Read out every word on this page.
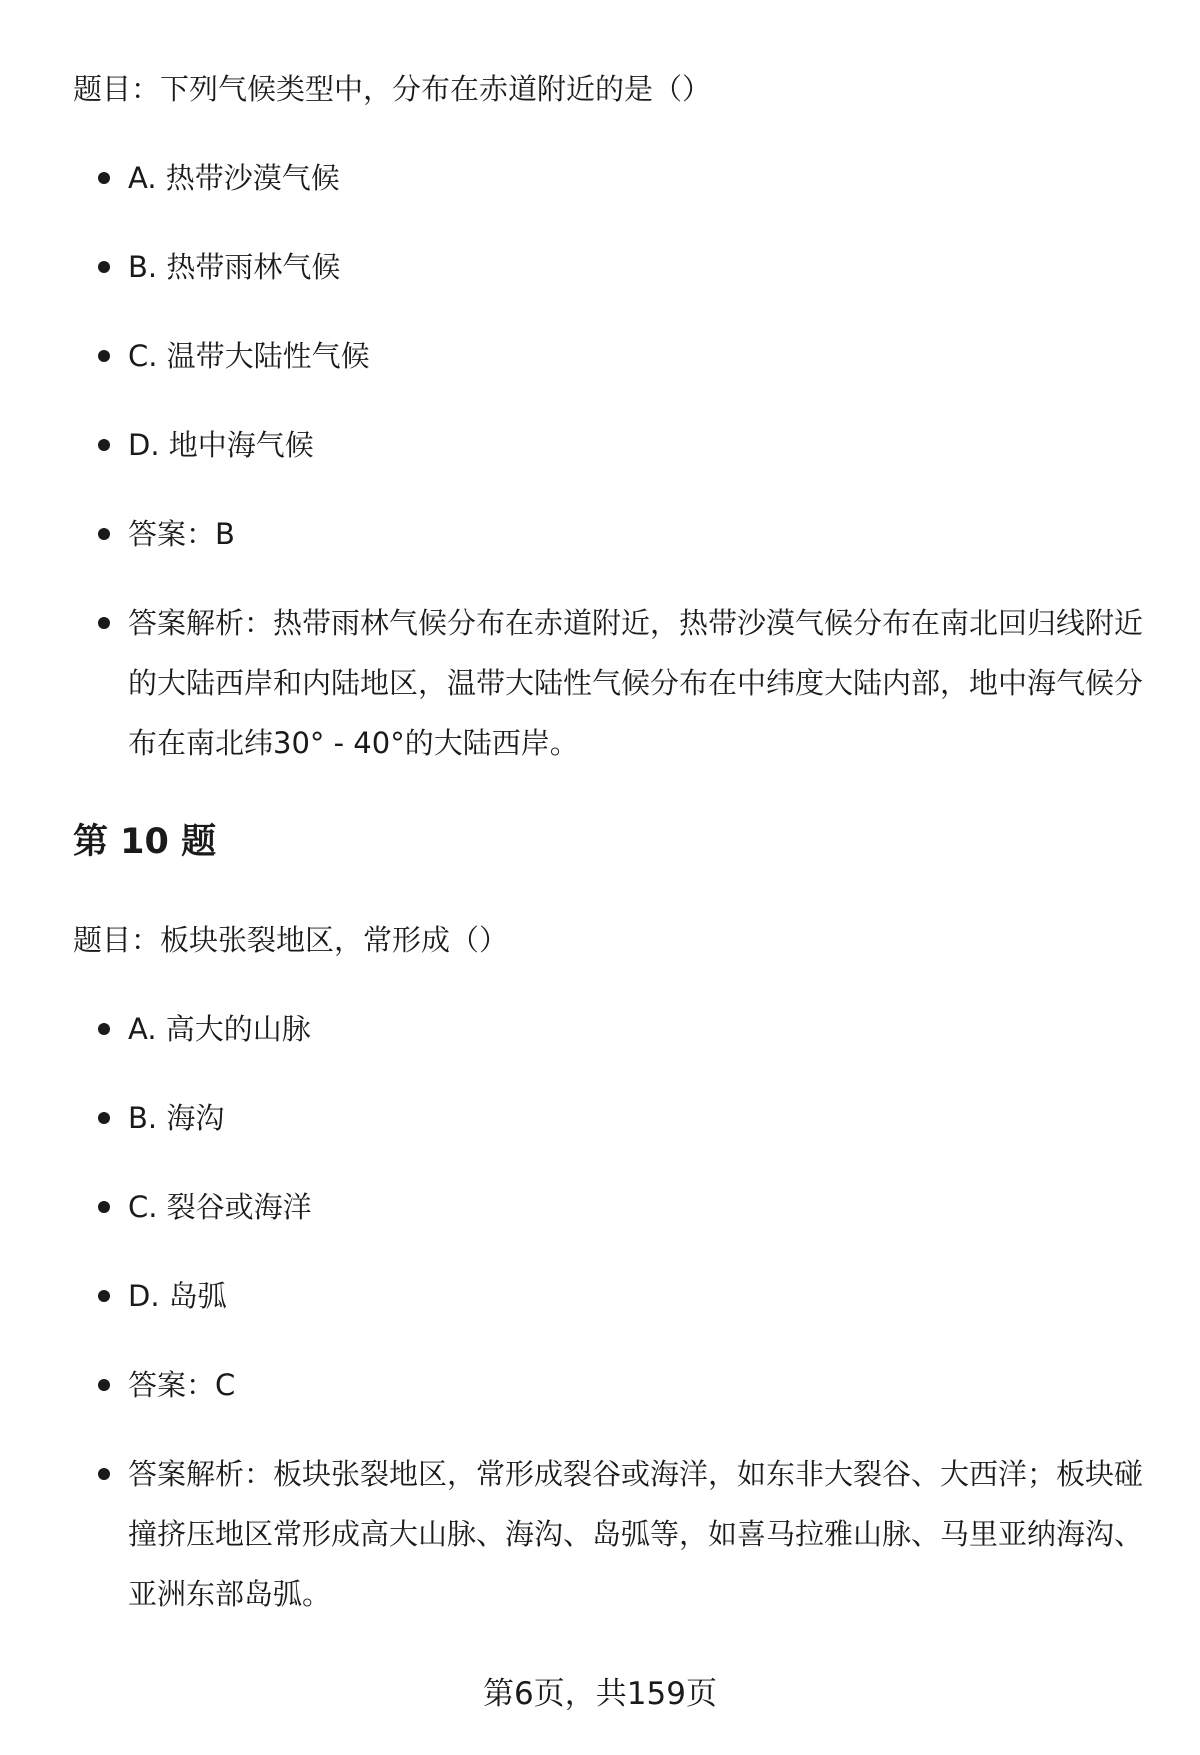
题目：下列气候类型中，分布在赤道附近的是（）
A. 热带沙漠气候
B. 热带雨林气候
C. 温带大陆性气候
D. 地中海气候
答案：B
答案解析：热带雨林气候分布在赤道附近，热带沙漠气候分布在南北回归线附近的大陆西岸和内陆地区，温带大陆性气候分布在中纬度大陆内部，地中海气候分布在南北纬30° - 40°的大陆西岸。
第 10 题
题目：板块张裂地区，常形成（）
A. 高大的山脉
B. 海沟
C. 裂谷或海洋
D. 岛弧
答案：C
答案解析：板块张裂地区，常形成裂谷或海洋，如东非大裂谷、大西洋；板块碰撞挤压地区常形成高大山脉、海沟、岛弧等，如喜马拉雅山脉、马里亚纳海沟、亚洲东部岛弧。
第6页，共159页
